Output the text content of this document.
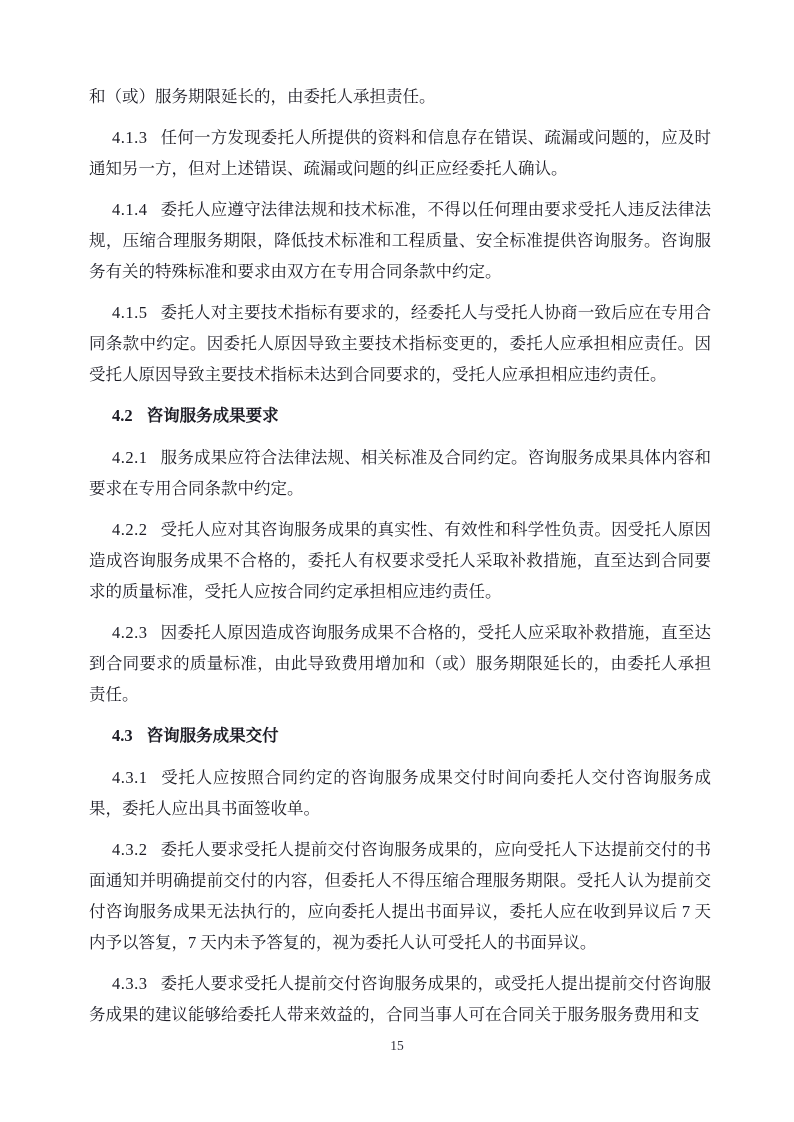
和（或）服务期限延长的，由委托人承担责任。

4.1.3 任何一方发现委托人所提供的资料和信息存在错误、疏漏或问题的，应及时通知另一方，但对上述错误、疏漏或问题的纠正应经委托人确认。

4.1.4 委托人应遵守法律法规和技术标准，不得以任何理由要求受托人违反法律法规，压缩合理服务期限，降低技术标准和工程质量、安全标准提供咨询服务。咨询服务有关的特殊标准和要求由双方在专用合同条款中约定。

4.1.5 委托人对主要技术指标有要求的，经委托人与受托人协商一致后应在专用合同条款中约定。因委托人原因导致主要技术指标变更的，委托人应承担相应责任。因受托人原因导致主要技术指标未达到合同要求的，受托人应承担相应违约责任。

4.2 咨询服务成果要求

4.2.1 服务成果应符合法律法规、相关标准及合同约定。咨询服务成果具体内容和要求在专用合同条款中约定。

4.2.2 受托人应对其咨询服务成果的真实性、有效性和科学性负责。因受托人原因造成咨询服务成果不合格的，委托人有权要求受托人采取补救措施，直至达到合同要求的质量标准，受托人应按合同约定承担相应违约责任。

4.2.3 因委托人原因造成咨询服务成果不合格的，受托人应采取补救措施，直至达到合同要求的质量标准，由此导致费用增加和（或）服务期限延长的，由委托人承担责任。

4.3 咨询服务成果交付

4.3.1 受托人应按照合同约定的咨询服务成果交付时间向委托人交付咨询服务成果，委托人应出具书面签收单。

4.3.2 委托人要求受托人提前交付咨询服务成果的，应向受托人下达提前交付的书面通知并明确提前交付的内容，但委托人不得压缩合理服务期限。受托人认为提前交付咨询服务成果无法执行的，应向委托人提出书面异议，委托人应在收到异议后 7 天内予以答复，7 天内未予答复的，视为委托人认可受托人的书面异议。

4.3.3 委托人要求受托人提前交付咨询服务成果的，或受托人提出提前交付咨询服务成果的建议能够给委托人带来效益的，合同当事人可在合同关于服务服务费用和支

15
